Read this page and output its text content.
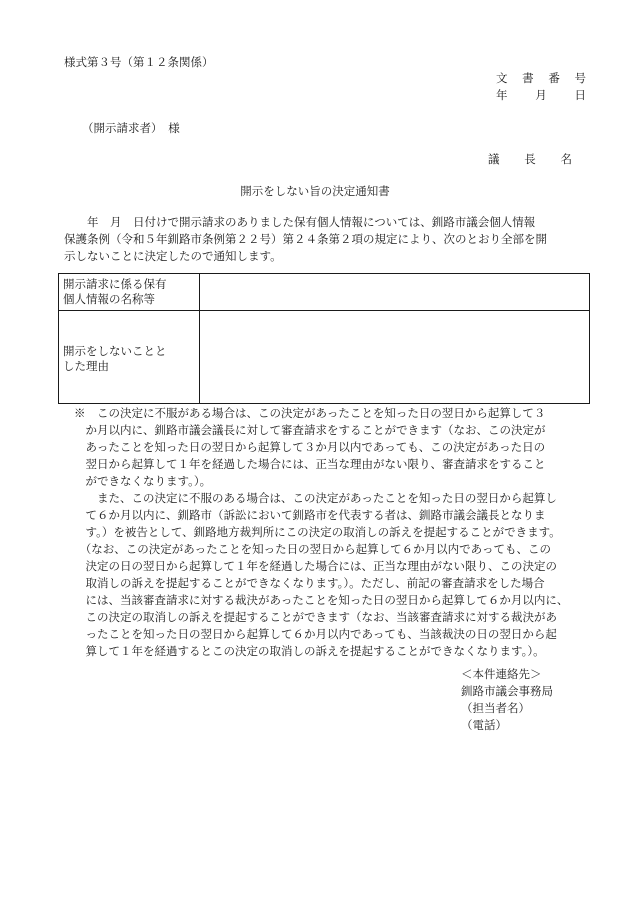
様式第３号（第１２条関係）
文 書 番 号
年 月 日
（開示請求者）　様
議 長 名
開示をしない旨の決定通知書
　　年　月　日付けで開示請求のありました保有個人情報については、釧路市議会個人情報
保護条例（令和５年釧路市条例第２２号）第２４条第２項の規定により、次のとおり全部を開
示しないことに決定したので通知します。
開示請求に係る保有
個人情報の名称等	

開示をしないことと
した理由	

※　この決定に不服がある場合は、この決定があったことを知った日の翌日から起算して３
　か月以内に、釧路市議会議長に対して審査請求をすることができます（なお、この決定が
　あったことを知った日の翌日から起算して３か月以内であっても、この決定があった日の
　翌日から起算して１年を経過した場合には、正当な理由がない限り、審査請求をすること
　ができなくなります。）。
　　また、この決定に不服のある場合は、この決定があったことを知った日の翌日から起算し
　て６か月以内に、釧路市（訴訟において釧路市を代表する者は、釧路市議会議長となりま
　す。）を被告として、釧路地方裁判所にこの決定の取消しの訴えを提起することができます。
　（なお、この決定があったことを知った日の翌日から起算して６か月以内であっても、この
　決定の日の翌日から起算して１年を経過した場合には、正当な理由がない限り、この決定の
　取消しの訴えを提起することができなくなります。）。ただし、前記の審査請求をした場合
　には、当該審査請求に対する裁決があったことを知った日の翌日から起算して６か月以内に、
　この決定の取消しの訴えを提起することができます（なお、当該審査請求に対する裁決があ
　ったことを知った日の翌日から起算して６か月以内であっても、当該裁決の日の翌日から起
　算して１年を経過するとこの決定の取消しの訴えを提起することができなくなります。）。
＜本件連絡先＞
釧路市議会事務局
（担当者名）
（電話）
